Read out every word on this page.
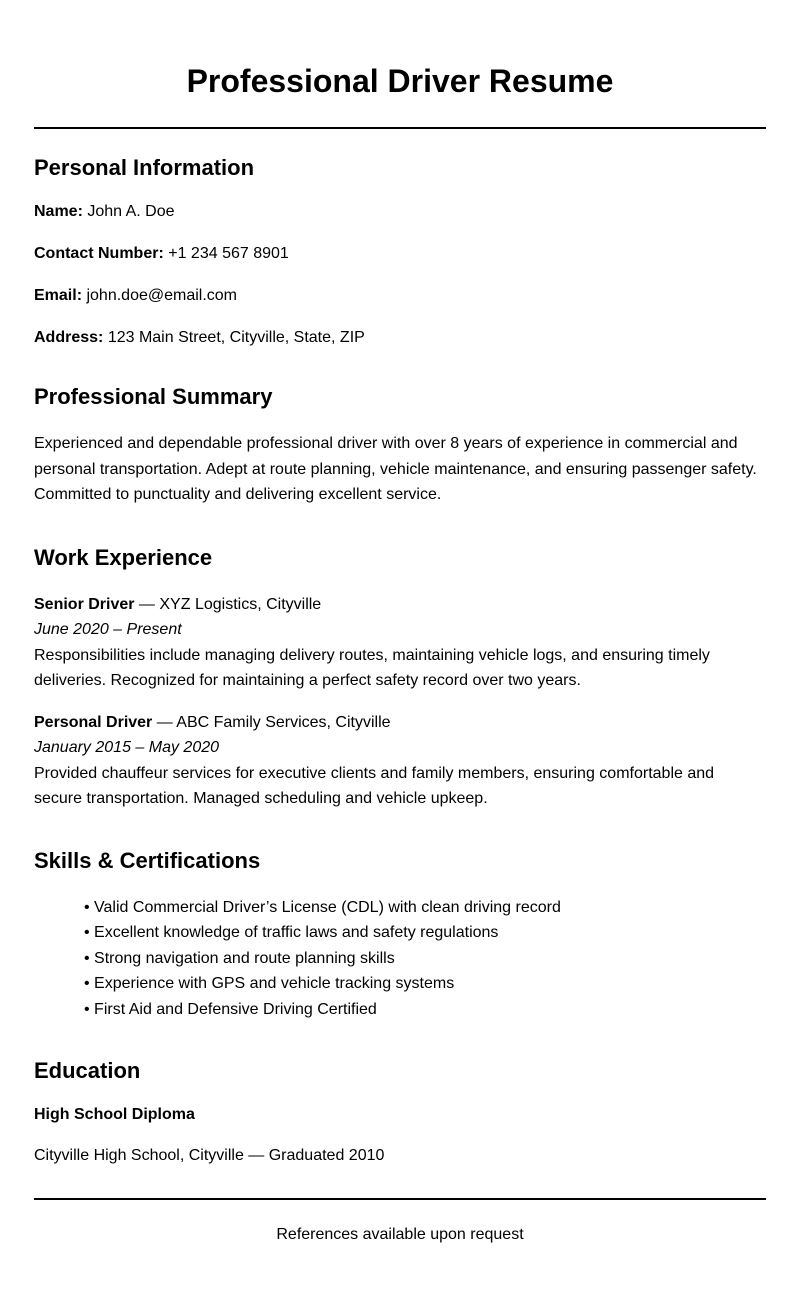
Professional Driver Resume
Personal Information

Name: John A. Doe

Contact Number: +1 234 567 8901

Email: john.doe@email.com

Address: 123 Main Street, Cityville, State, ZIP

Professional Summary

Experienced and dependable professional driver with over 8 years of experience in commercial and personal transportation. Adept at route planning, vehicle maintenance, and ensuring passenger safety. Committed to punctuality and delivering excellent service.

Work Experience
Senior Driver — XYZ Logistics, Cityville
June 2020 – Present
Responsibilities include managing delivery routes, maintaining vehicle logs, and ensuring timely deliveries. Recognized for maintaining a perfect safety record over two years.
Personal Driver — ABC Family Services, Cityville
January 2015 – May 2020
Provided chauffeur services for executive clients and family members, ensuring comfortable and secure transportation. Managed scheduling and vehicle upkeep.
Skills & Certifications
• Valid Commercial Driver’s License (CDL) with clean driving record
• Excellent knowledge of traffic laws and safety regulations
• Strong navigation and route planning skills
• Experience with GPS and vehicle tracking systems
• First Aid and Defensive Driving Certified
Education

High School Diploma

Cityville High School, Cityville — Graduated 2010

References available upon request
